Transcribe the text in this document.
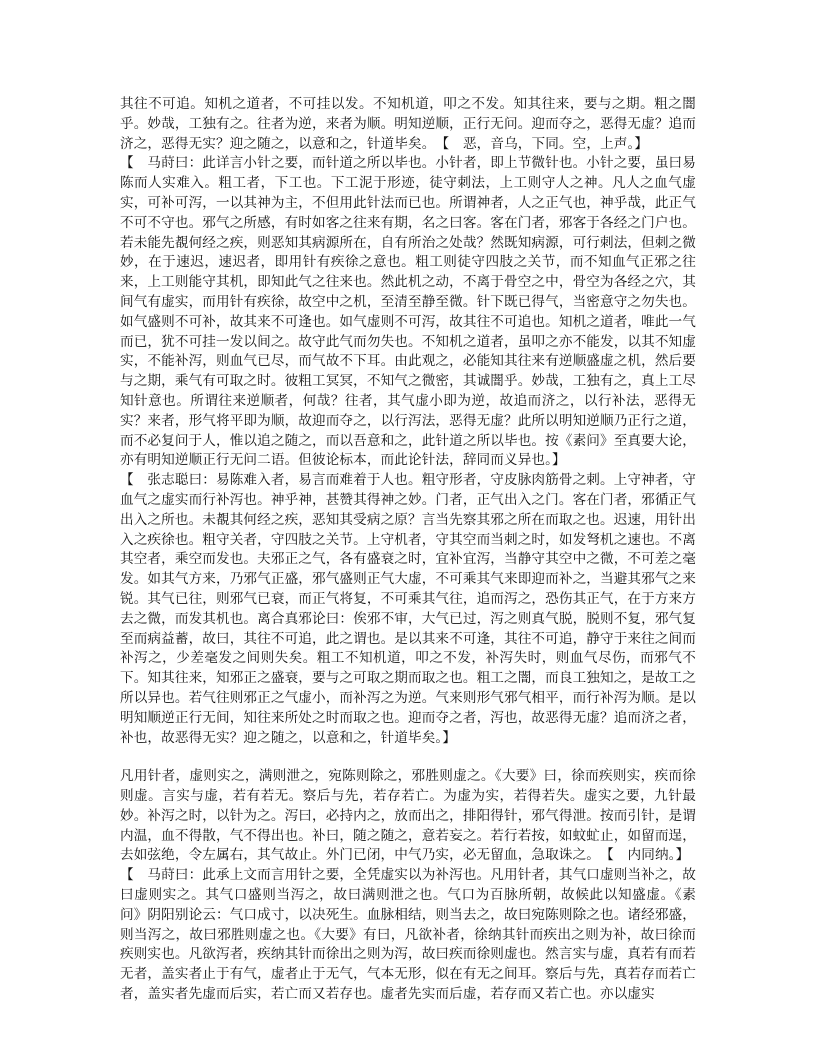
其往不可追。知机之道者，不可挂以发。不知机道，叩之不发。知其往来，要与之期。粗之闇乎。妙哉，工独有之。往者为逆，来者为顺。明知逆顺，正行无问。迎而夺之，恶得无虚？追而济之，恶得无实？迎之随之，以意和之，针道毕矣。　【　恶，音乌，下同。空，上声。】

【　马莳曰：此详言小针之要，而针道之所以毕也。小针者，即上节微针也。小针之要，虽曰易陈而人实难入。粗工者，下工也。下工泥于形迹，徒守刺法，上工则守人之神。凡人之血气虚实，可补可泻，一以其神为主，不但用此针法而已也。所谓神者，人之正气也，神乎哉，此正气不可不守也。邪气之所感，有时如客之往来有期，名之曰客。客在门者，邪客于各经之门户也。若未能先覩何经之疾，则恶知其病源所在，自有所治之处哉？然既知病源，可行刺法，但刺之微妙，在于速迟，速迟者，即用针有疾徐之意也。粗工则徒守四肢之关节，而不知血气正邪之往来，上工则能守其机，即知此气之往来也。然此机之动，不离于骨空之中，骨空为各经之穴，其间气有虚实，而用针有疾徐，故空中之机，至清至静至微。针下既已得气，当密意守之勿失也。如气盛则不可补，故其来不可逢也。如气虚则不可泻，故其往不可追也。知机之道者，唯此一气而已，犹不可挂一发以间之。故守此气而勿失也。不知机之道者，虽叩之亦不能发，以其不知虚实，不能补泻，则血气已尽，而气故不下耳。由此观之，必能知其往来有逆顺盛虚之机，然后要与之期，乘气有可取之时。彼粗工冥冥，不知气之微密，其诚闇乎。妙哉，工独有之，真上工尽知针意也。所谓往来逆顺者，何哉？往者，其气虚小即为逆，故追而济之，以行补法，恶得无实？来者，形气将平即为顺，故迎而夺之，以行泻法，恶得无虚？此所以明知逆顺乃正行之道，而不必复问于人，惟以追之随之，而以吾意和之，此针道之所以毕也。按《素问》至真要大论，亦有明知逆顺正行无问二语。但彼论标本，而此论针法，辞同而义异也。】

【　张志聪曰：易陈难入者，易言而难着于人也。粗守形者，守皮脉肉筋骨之刺。上守神者，守血气之虚实而行补泻也。神乎神，甚赞其得神之妙。门者，正气出入之门。客在门者，邪循正气出入之所也。未覩其何经之疾，恶知其受病之原？言当先察其邪之所在而取之也。迟速，用针出入之疾徐也。粗守关者，守四肢之关节。上守机者，守其空而当刺之时，如发弩机之速也。不离其空者，乘空而发也。夫邪正之气，各有盛衰之时，宜补宜泻，当静守其空中之微，不可差之毫发。如其气方来，乃邪气正盛，邪气盛则正气大虚，不可乘其气来即迎而补之，当避其邪气之来锐。其气已往，则邪气已衰，而正气将复，不可乘其气往，追而泻之，恐伤其正气，在于方来方去之微，而发其机也。离合真邪论曰：俟邪不审，大气已过，泻之则真气脱，脱则不复，邪气复至而病益蓄，故曰，其往不可追，此之谓也。是以其来不可逢，其往不可追，静守于来往之间而补泻之，少差毫发之间则失矣。粗工不知机道，叩之不发，补泻失时，则血气尽伤，而邪气不下。知其往来，知邪正之盛衰，要与之可取之期而取之也。粗工之闇，而良工独知之，是故工之所以异也。若气往则邪正之气虚小，而补泻之为逆。气来则形气邪气相平，而行补泻为顺。是以明知顺逆正行无间，知往来所处之时而取之也。迎而夺之者，泻也，故恶得无虚？追而济之者，补也，故恶得无实？迎之随之，以意和之，针道毕矣。】

凡用针者，虚则实之，满则泄之，宛陈则除之，邪胜则虚之。《大要》曰，徐而疾则实，疾而徐则虚。言实与虚，若有若无。察后与先，若存若亡。为虚为实，若得若失。虚实之要，九针最妙。补泻之时，以针为之。泻曰，必持内之，放而出之，排阳得针，邪气得泄。按而引针，是谓内温，血不得散，气不得出也。补曰，随之随之，意若妄之。若行若按，如蚊虻止，如留而逞，去如弦绝，令左属右，其气故止。外门已闭，中气乃实，必无留血，急取诛之。　【　内同纳。】

【　马莳曰：此承上文而言用针之要，全凭虚实以为补泻也。凡用针者，其气口虚则当补之，故曰虚则实之。其气口盛则当泻之，故曰满则泄之也。气口为百脉所朝，故候此以知盛虚。《素问》阴阳别论云：气口成寸，以决死生。血脉相结，则当去之，故曰宛陈则除之也。诸经邪盛，则当泻之，故曰邪胜则虚之也。《大要》有曰，凡欲补者，徐纳其针而疾出之则为补，故曰徐而疾则实也。凡欲泻者，疾纳其针而徐出之则为泻，故曰疾而徐则虚也。然言实与虚，真若有而若无者，盖实者止于有气，虚者止于无气，气本无形，似在有无之间耳。察后与先，真若存而若亡者，盖实者先虚而后实，若亡而又若存也。虚者先实而后虚，若存而又若亡也。亦以虚实
